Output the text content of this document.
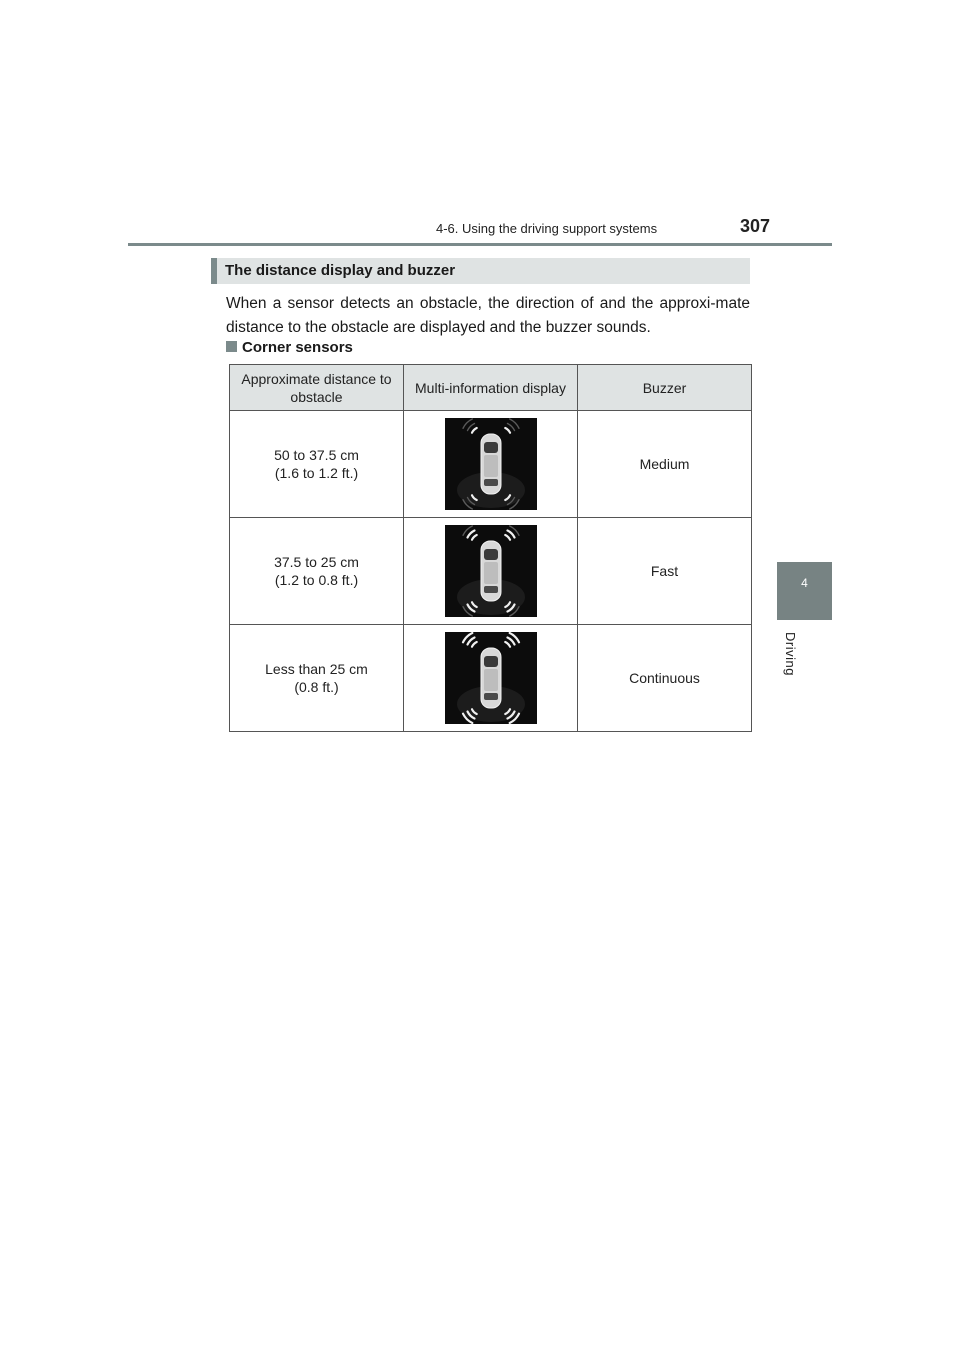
4-6. Using the driving support systems	307
4
Driving
The distance display and buzzer
When a sensor detects an obstacle, the direction of and the approxi-mate distance to the obstacle are displayed and the buzzer sounds.
Corner sensors
Approximate distance to obstacle	Multi-information display	Buzzer

50 to 37.5 cm
(1.6 to 1.2 ft.)		Medium

37.5 to 25 cm
(1.2 to 0.8 ft.)		Fast

Less than 25 cm
(0.8 ft.)		Continuous
